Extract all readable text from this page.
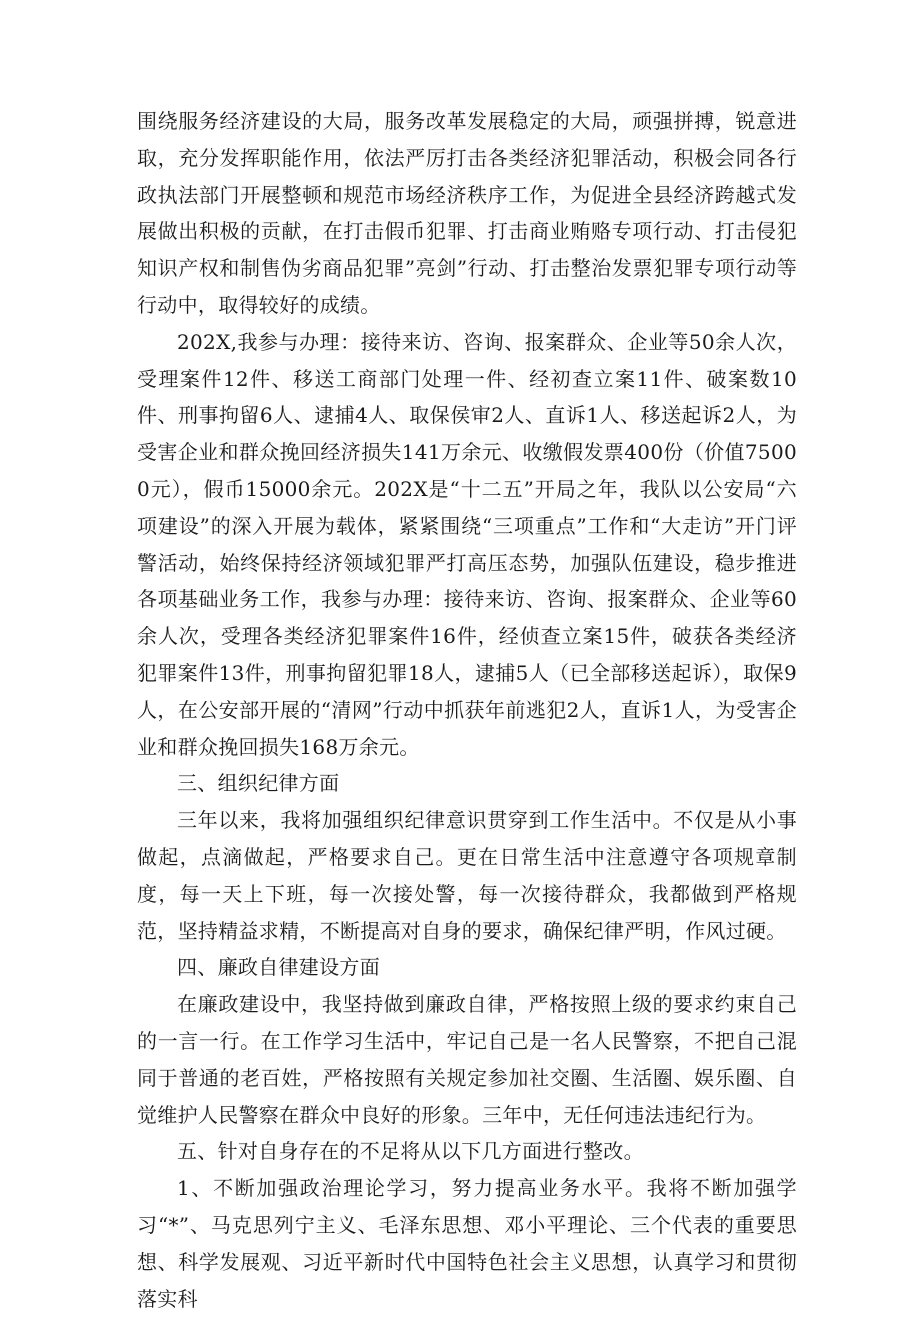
围绕服务经济建设的大局，服务改革发展稳定的大局，顽强拼搏，锐意进取，充分发挥职能作用，依法严厉打击各类经济犯罪活动，积极会同各行政执法部门开展整顿和规范市场经济秩序工作，为促进全县经济跨越式发展做出积极的贡献，在打击假币犯罪、打击商业贿赂专项行动、打击侵犯知识产权和制售伪劣商品犯罪”亮剑”行动、打击整治发票犯罪专项行动等行动中，取得较好的成绩。

202X,我参与办理：接待来访、咨询、报案群众、企业等50余人次，受理案件12件、移送工商部门处理一件、经初查立案11件、破案数10件、刑事拘留6人、逮捕4人、取保侯审2人、直诉1人、移送起诉2人，为受害企业和群众挽回经济损失141万余元、收缴假发票400份（价值75000元），假币15000余元。202X是“十二五”开局之年，我队以公安局“六项建设”的深入开展为载体，紧紧围绕“三项重点”工作和“大走访”开门评警活动，始终保持经济领域犯罪严打高压态势，加强队伍建设，稳步推进各项基础业务工作，我参与办理：接待来访、咨询、报案群众、企业等60余人次，受理各类经济犯罪案件16件，经侦查立案15件，破获各类经济犯罪案件13件，刑事拘留犯罪18人，逮捕5人（已全部移送起诉），取保9人，在公安部开展的“清网”行动中抓获年前逃犯2人，直诉1人，为受害企业和群众挽回损失168万余元。

三、组织纪律方面

三年以来，我将加强组织纪律意识贯穿到工作生活中。不仅是从小事做起，点滴做起，严格要求自己。更在日常生活中注意遵守各项规章制度，每一天上下班，每一次接处警，每一次接待群众，我都做到严格规范，坚持精益求精，不断提高对自身的要求，确保纪律严明，作风过硬。

四、廉政自律建设方面

在廉政建设中，我坚持做到廉政自律，严格按照上级的要求约束自己的一言一行。在工作学习生活中，牢记自己是一名人民警察，不把自己混同于普通的老百姓，严格按照有关规定参加社交圈、生活圈、娱乐圈、自觉维护人民警察在群众中良好的形象。三年中，无任何违法违纪行为。

五、针对自身存在的不足将从以下几方面进行整改。

1、不断加强政治理论学习，努力提高业务水平。我将不断加强学习“*”、马克思列宁主义、毛泽东思想、邓小平理论、三个代表的重要思想、科学发展观、习近平新时代中国特色社会主义思想，认真学习和贯彻落实科
